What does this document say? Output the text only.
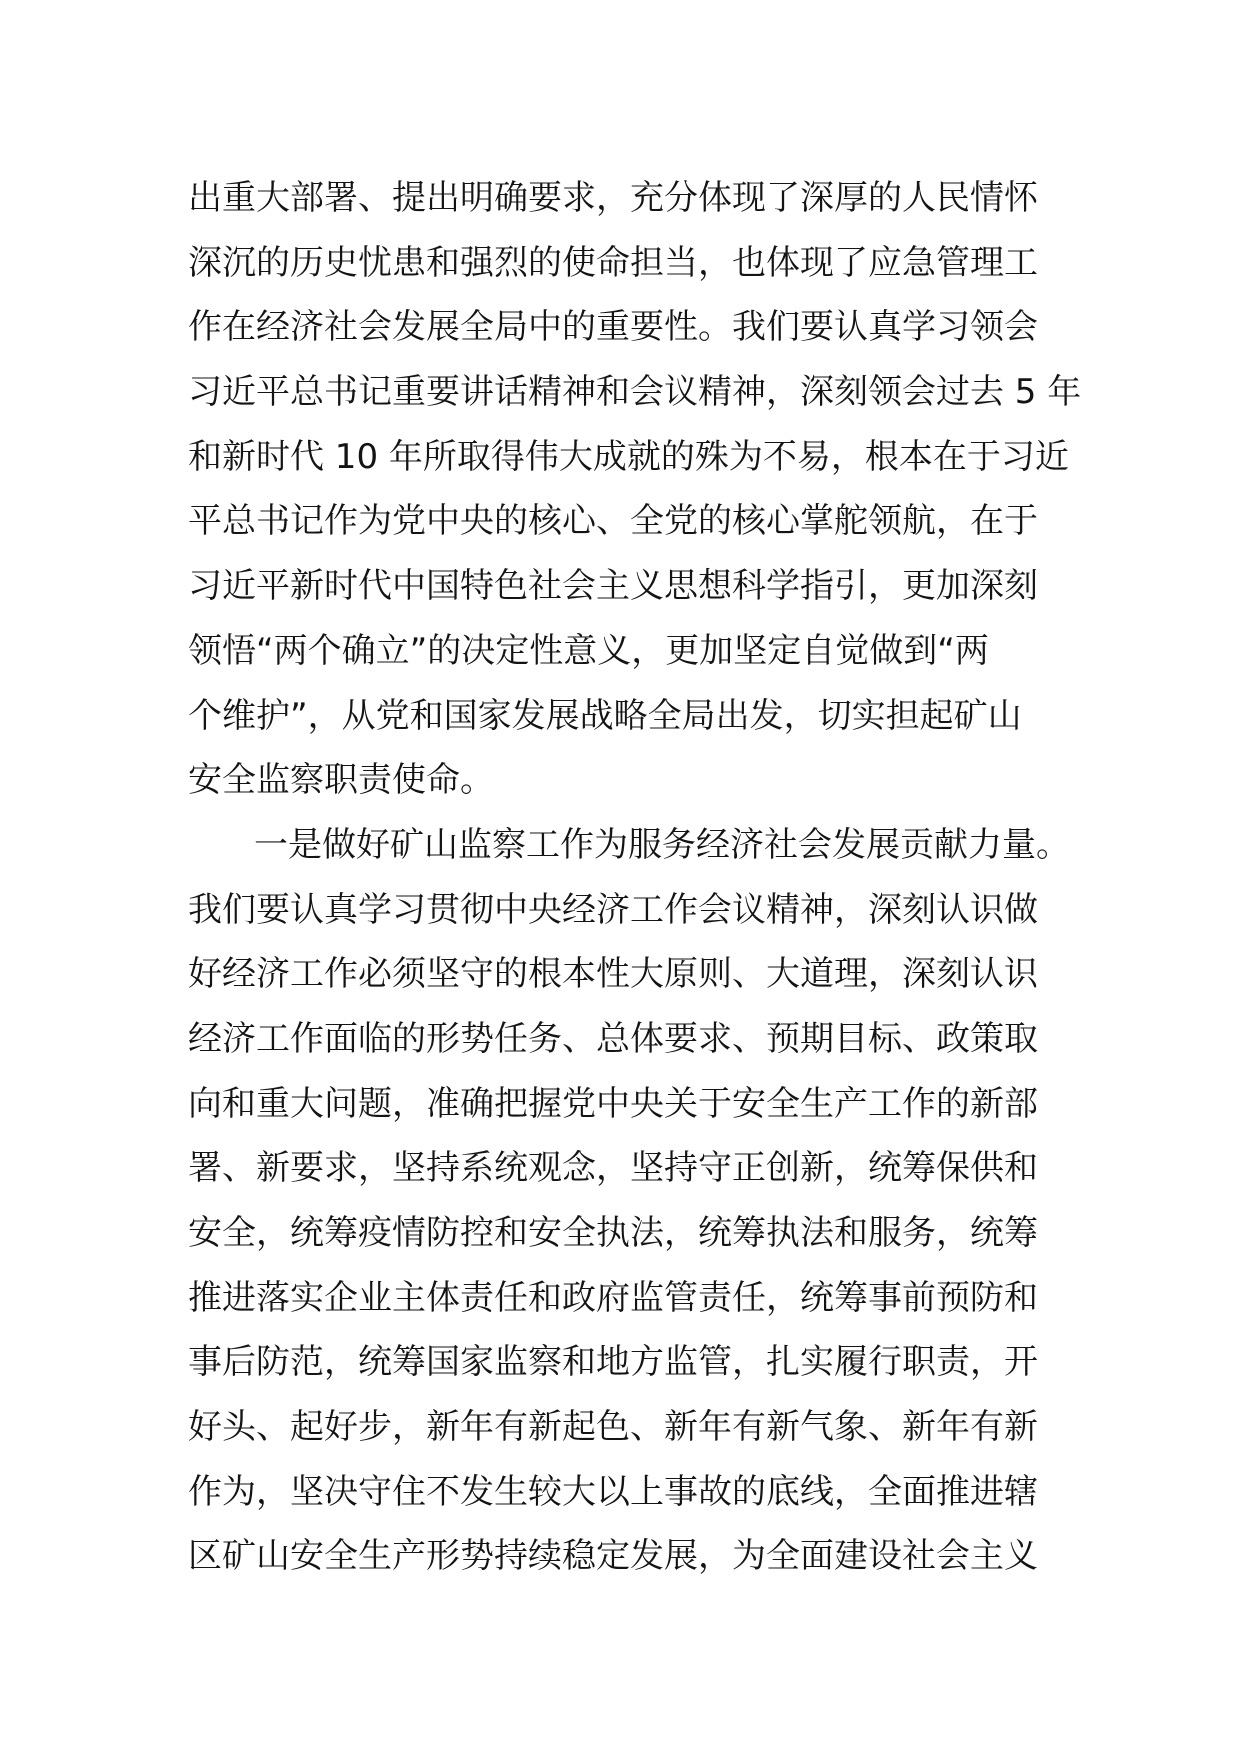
出重大部署、提出明确要求，充分体现了深厚的人民情怀
深沉的历史忧患和强烈的使命担当，也体现了应急管理工
作在经济社会发展全局中的重要性。我们要认真学习领会
习近平总书记重要讲话精神和会议精神，深刻领会过去 5 年
和新时代 10 年所取得伟大成就的殊为不易，根本在于习近
平总书记作为党中央的核心、全党的核心掌舵领航，在于
习近平新时代中国特色社会主义思想科学指引，更加深刻
领悟“两个确立”的决定性意义，更加坚定自觉做到“两
个维护”，从党和国家发展战略全局出发，切实担起矿山
安全监察职责使命。
一是做好矿山监察工作为服务经济社会发展贡献力量。
我们要认真学习贯彻中央经济工作会议精神，深刻认识做
好经济工作必须坚守的根本性大原则、大道理，深刻认识
经济工作面临的形势任务、总体要求、预期目标、政策取
向和重大问题，准确把握党中央关于安全生产工作的新部
署、新要求，坚持系统观念，坚持守正创新，统筹保供和
安全，统筹疫情防控和安全执法，统筹执法和服务，统筹
推进落实企业主体责任和政府监管责任，统筹事前预防和
事后防范，统筹国家监察和地方监管，扎实履行职责，开
好头、起好步，新年有新起色、新年有新气象、新年有新
作为，坚决守住不发生较大以上事故的底线，全面推进辖
区矿山安全生产形势持续稳定发展，为全面建设社会主义
